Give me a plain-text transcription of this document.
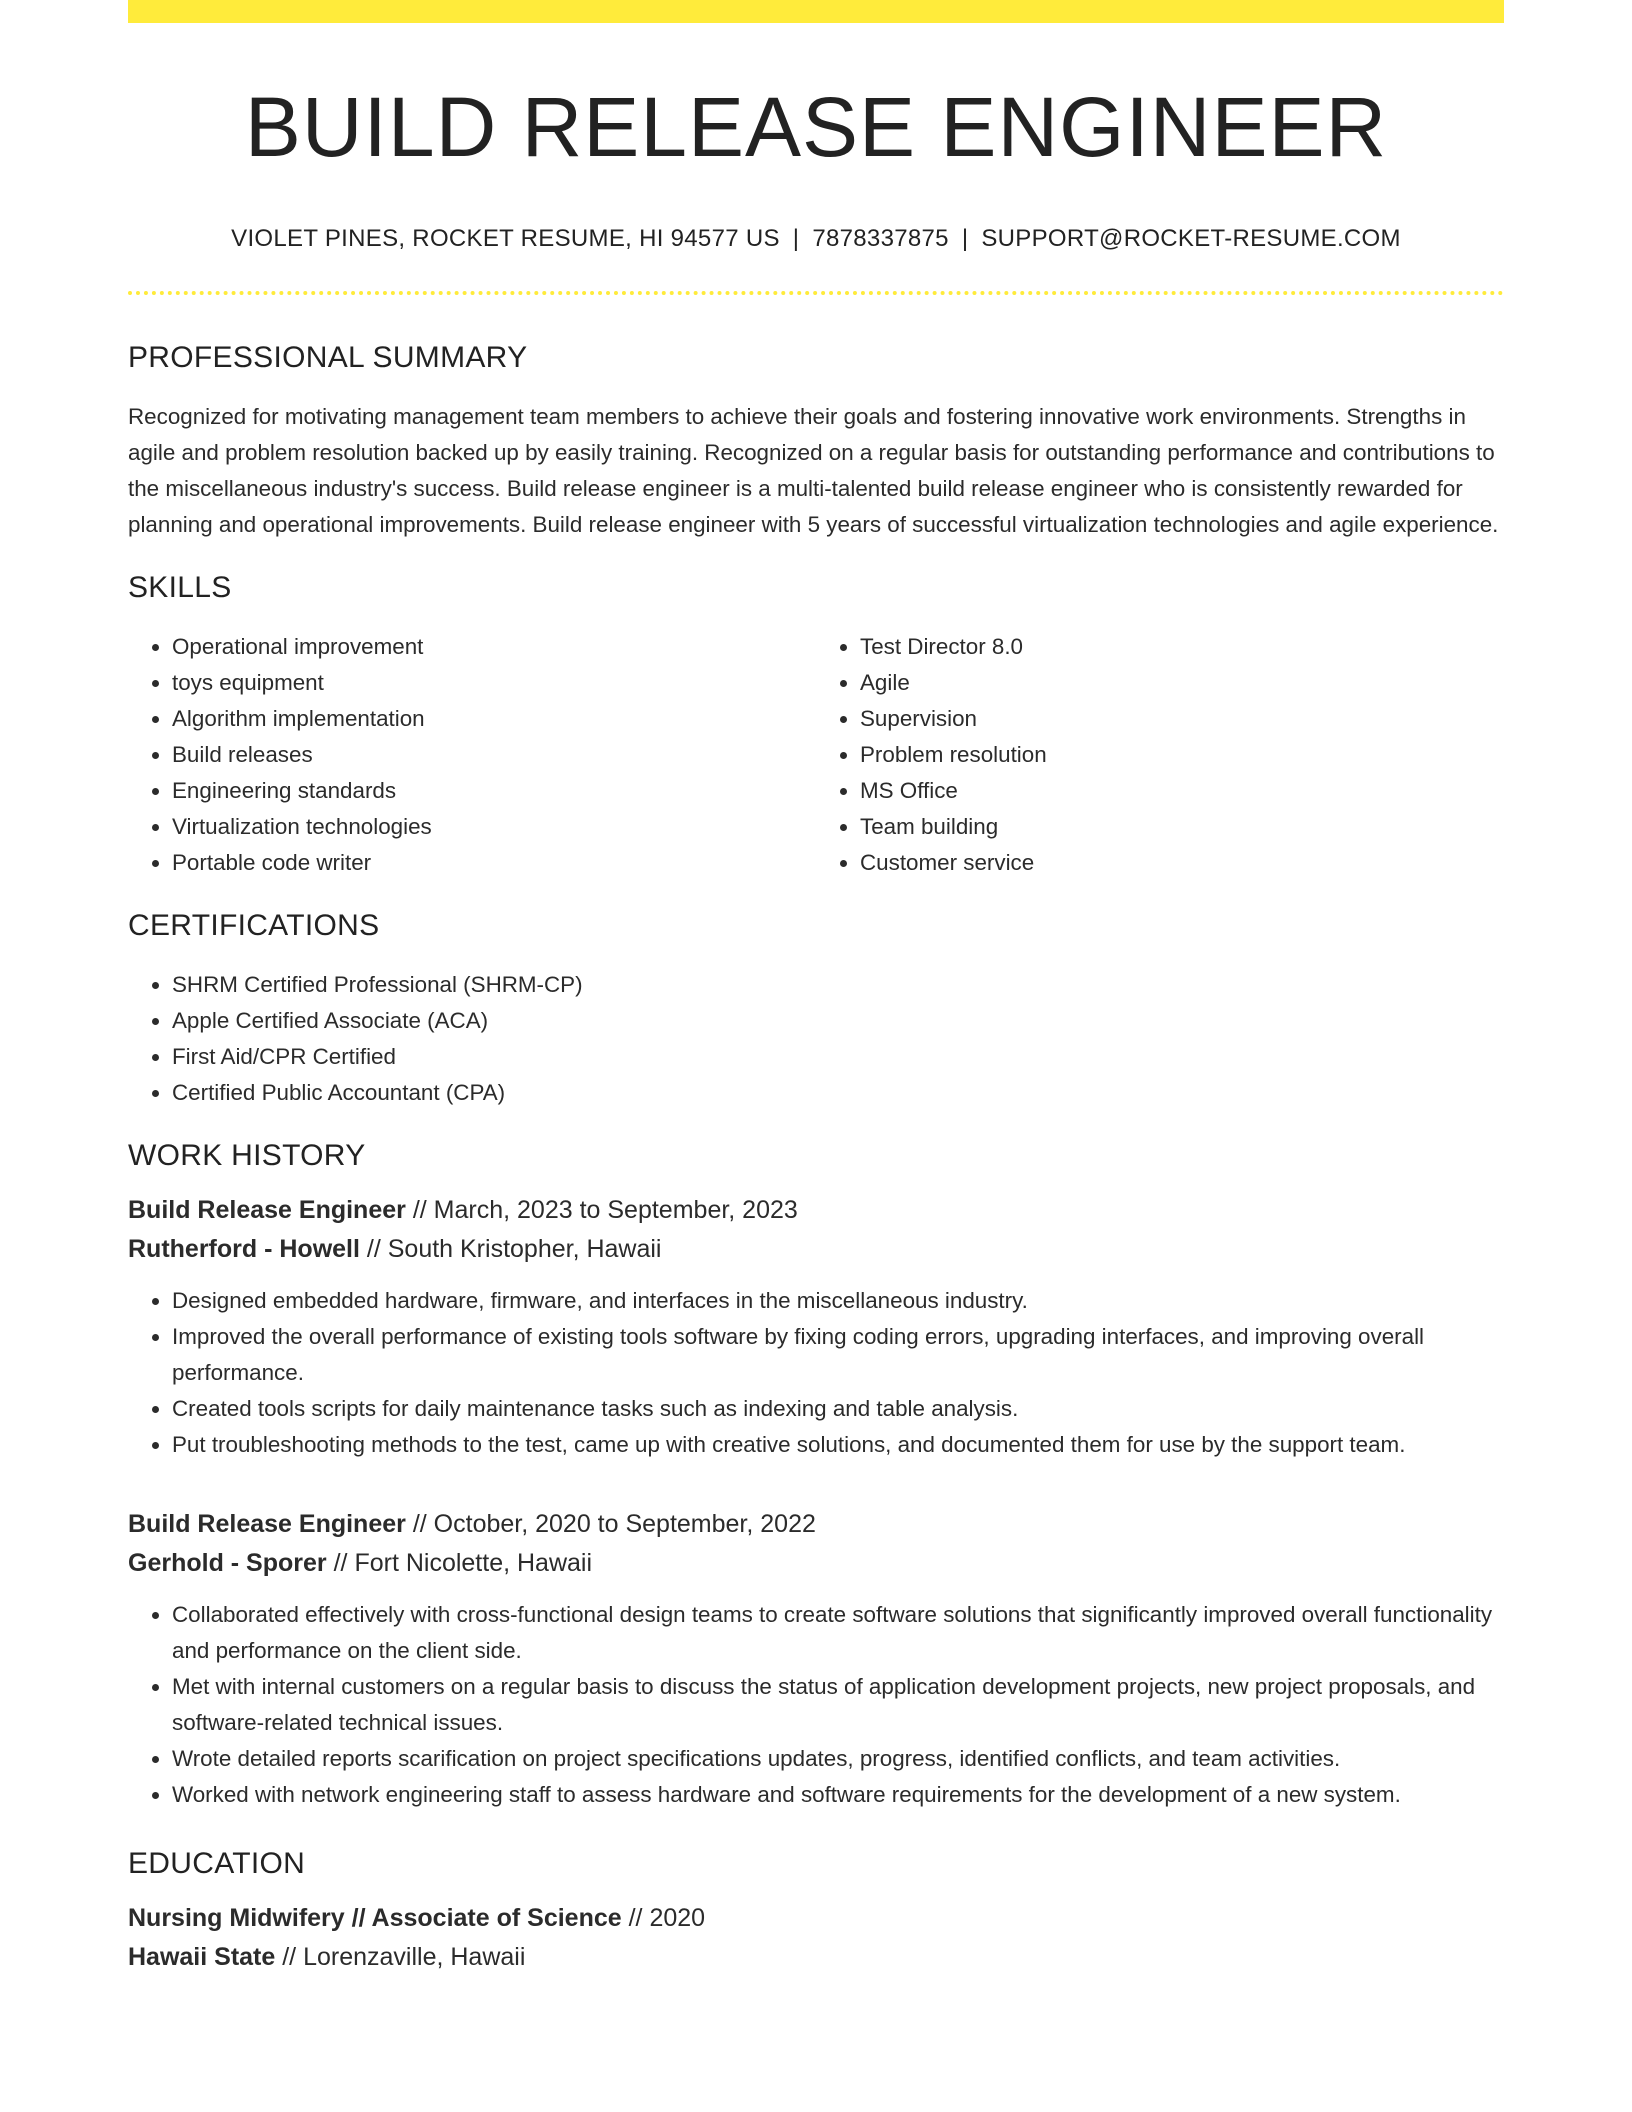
BUILD RELEASE ENGINEER
VIOLET PINES, ROCKET RESUME, HI 94577 US | 7878337875 | SUPPORT@ROCKET-RESUME.COM
PROFESSIONAL SUMMARY

Recognized for motivating management team members to achieve their goals and fostering innovative work environments. Strengths in agile and problem resolution backed up by easily training. Recognized on a regular basis for outstanding performance and contributions to the miscellaneous industry's success. Build release engineer is a multi-talented build release engineer who is consistently rewarded for planning and operational improvements. Build release engineer with 5 years of successful virtualization technologies and agile experience.

SKILLS
• Operational improvement
• toys equipment
• Algorithm implementation
• Build releases
• Engineering standards
• Virtualization technologies
• Portable code writer
• Test Director 8.0
• Agile
• Supervision
• Problem resolution
• MS Office
• Team building
• Customer service
CERTIFICATIONS
• SHRM Certified Professional (SHRM-CP)
• Apple Certified Associate (ACA)
• First Aid/CPR Certified
• Certified Public Accountant (CPA)
WORK HISTORY
Build Release Engineer // March, 2023 to September, 2023
Rutherford - Howell // South Kristopher, Hawaii
• Designed embedded hardware, firmware, and interfaces in the miscellaneous industry.
• Improved the overall performance of existing tools software by fixing coding errors, upgrading interfaces, and improving overall performance.
• Created tools scripts for daily maintenance tasks such as indexing and table analysis.
• Put troubleshooting methods to the test, came up with creative solutions, and documented them for use by the support team.
Build Release Engineer // October, 2020 to September, 2022
Gerhold - Sporer // Fort Nicolette, Hawaii
• Collaborated effectively with cross-functional design teams to create software solutions that significantly improved overall functionality and performance on the client side.
• Met with internal customers on a regular basis to discuss the status of application development projects, new project proposals, and software-related technical issues.
• Wrote detailed reports scarification on project specifications updates, progress, identified conflicts, and team activities.
• Worked with network engineering staff to assess hardware and software requirements for the development of a new system.
EDUCATION
Nursing Midwifery // Associate of Science // 2020
Hawaii State // Lorenzaville, Hawaii
